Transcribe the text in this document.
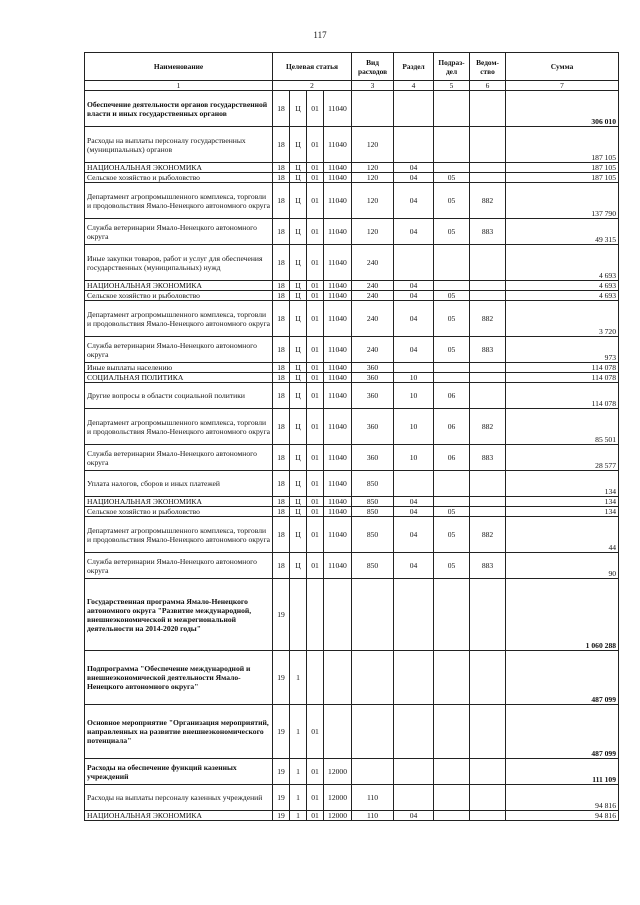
117
Наименование	Целевая статья				Вид расходов	Раздел	Подраз- дел	Ведом- ство	Сумма
1	2				3	4	5	6	7
Обеспечение деятельности органов государственной власти и иных государственных органов	18	Ц	01	11040					306 010
Расходы на выплаты персоналу государственных (муниципальных) органов	18	Ц	01	11040	120				187 105
НАЦИОНАЛЬНАЯ ЭКОНОМИКА	18	Ц	01	11040	120	04			187 105
Сельское хозяйство и рыболовство	18	Ц	01	11040	120	04	05		187 105
Департамент агропромышленного комплекса, торговли и продовольствия Ямало-Ненецкого автономного округа	18	Ц	01	11040	120	04	05	882	137 790
Служба ветеринарии Ямало-Ненецкого автономного округа	18	Ц	01	11040	120	04	05	883	49 315
Иные закупки товаров, работ и услуг для обеспечения государственных (муниципальных) нужд	18	Ц	01	11040	240				4 693
НАЦИОНАЛЬНАЯ ЭКОНОМИКА	18	Ц	01	11040	240	04			4 693
Сельское хозяйство и рыболовство	18	Ц	01	11040	240	04	05		4 693
Департамент агропромышленного комплекса, торговли и продовольствия Ямало-Ненецкого автономного округа	18	Ц	01	11040	240	04	05	882	3 720
Служба ветеринарии Ямало-Ненецкого автономного округа	18	Ц	01	11040	240	04	05	883	973
Иные выплаты населению	18	Ц	01	11040	360				114 078
СОЦИАЛЬНАЯ ПОЛИТИКА	18	Ц	01	11040	360	10			114 078
Другие вопросы в области социальной политики	18	Ц	01	11040	360	10	06		114 078
Департамент агропромышленного комплекса, торговли и продовольствия Ямало-Ненецкого автономного округа	18	Ц	01	11040	360	10	06	882	85 501
Служба ветеринарии Ямало-Ненецкого автономного округа	18	Ц	01	11040	360	10	06	883	28 577
Уплата налогов, сборов и иных платежей	18	Ц	01	11040	850				134
НАЦИОНАЛЬНАЯ ЭКОНОМИКА	18	Ц	01	11040	850	04			134
Сельское хозяйство и рыболовство	18	Ц	01	11040	850	04	05		134
Департамент агропромышленного комплекса, торговли и продовольствия Ямало-Ненецкого автономного округа	18	Ц	01	11040	850	04	05	882	44
Служба ветеринарии Ямало-Ненецкого автономного округа	18	Ц	01	11040	850	04	05	883	90
Государственная программа Ямало-Ненецкого автономного округа "Развитие международной, внешнеэкономической и межрегиональной деятельности на 2014-2020 годы"	19								1 060 288
Подпрограмма "Обеспечение международной и внешнеэкономической деятельности Ямало-Ненецкого автономного округа"	19	1							487 099
Основное мероприятие "Организация мероприятий, направленных на развитие внешнеэкономического потенциала"	19	1	01						487 099
Расходы на обеспечение функций казенных учреждений	19	1	01	12000					111 109
Расходы на выплаты персоналу казенных учреждений	19	1	01	12000	110				94 816
НАЦИОНАЛЬНАЯ ЭКОНОМИКА	19	1	01	12000	110	04			94 816
